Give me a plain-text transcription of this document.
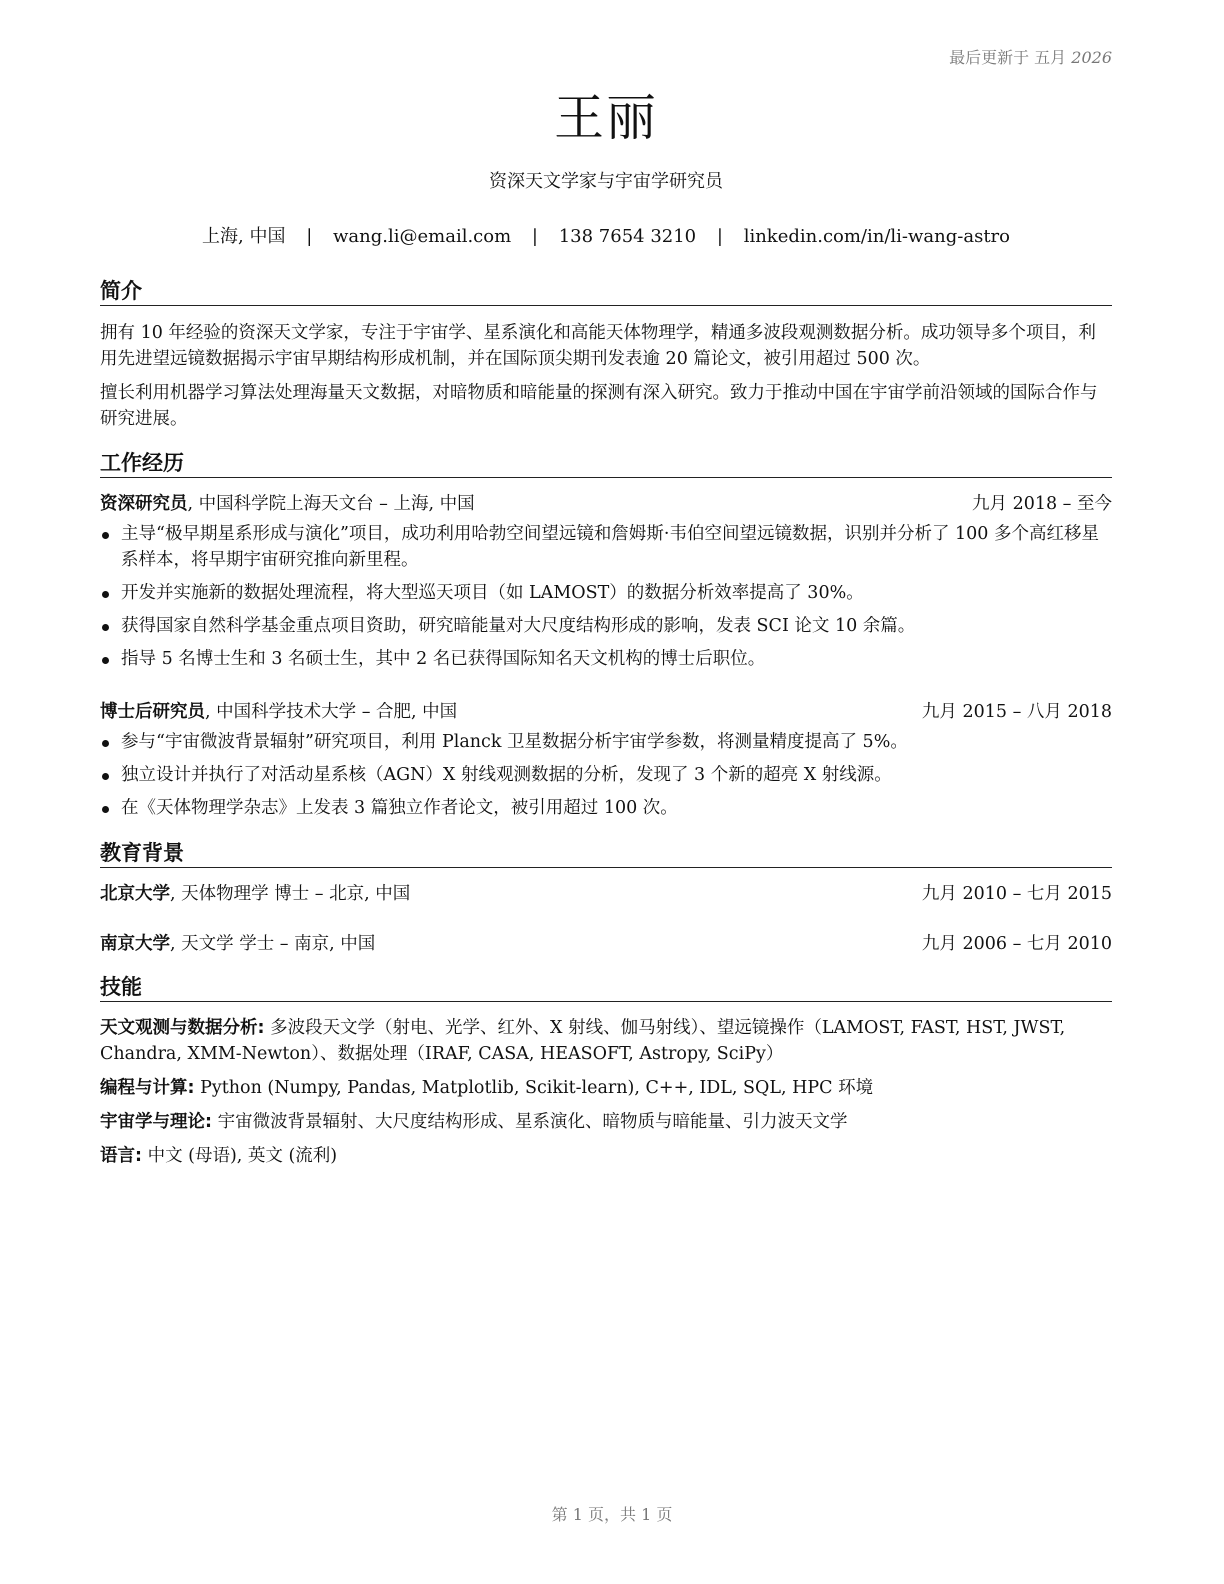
最后更新于 五月 2026
王丽
资深天文学家与宇宙学研究员
上海, 中国 | wang.li@email.com | 138 7654 3210 | linkedin.com/in/li-wang-astro
简介

拥有 10 年经验的资深天文学家，专注于宇宙学、星系演化和高能天体物理学，精通多波段观测数据分析。成功领导多个项目，利用先进望远镜数据揭示宇宙早期结构形成机制，并在国际顶尖期刊发表逾 20 篇论文，被引用超过 500 次。

擅长利用机器学习算法处理海量天文数据，对暗物质和暗能量的探测有深入研究。致力于推动中国在宇宙学前沿领域的国际合作与研究进展。

工作经历
资深研究员, 中国科学院上海天文台 – 上海, 中国	九月 2018 – 至今
主导“极早期星系形成与演化”项目，成功利用哈勃空间望远镜和詹姆斯·韦伯空间望远镜数据，识别并分析了 100 多个高红移星系样本，将早期宇宙研究推向新里程。
开发并实施新的数据处理流程，将大型巡天项目（如 LAMOST）的数据分析效率提高了 30%。
获得国家自然科学基金重点项目资助，研究暗能量对大尺度结构形成的影响，发表 SCI 论文 10 余篇。
指导 5 名博士生和 3 名硕士生，其中 2 名已获得国际知名天文机构的博士后职位。
博士后研究员, 中国科学技术大学 – 合肥, 中国	九月 2015 – 八月 2018
参与“宇宙微波背景辐射”研究项目，利用 Planck 卫星数据分析宇宙学参数，将测量精度提高了 5%。
独立设计并执行了对活动星系核（AGN）X 射线观测数据的分析，发现了 3 个新的超亮 X 射线源。
在《天体物理学杂志》上发表 3 篇独立作者论文，被引用超过 100 次。
教育背景
北京大学, 天体物理学 博士 – 北京, 中国	九月 2010 – 七月 2015
南京大学, 天文学 学士 – 南京, 中国	九月 2006 – 七月 2010
技能
天文观测与数据分析: 多波段天文学（射电、光学、红外、X 射线、伽马射线）、望远镜操作（LAMOST, FAST, HST, JWST, Chandra, XMM-Newton）、数据处理（IRAF, CASA, HEASOFT, Astropy, SciPy）
编程与计算: Python (Numpy, Pandas, Matplotlib, Scikit-learn), C++, IDL, SQL, HPC 环境
宇宙学与理论: 宇宙微波背景辐射、大尺度结构形成、星系演化、暗物质与暗能量、引力波天文学
语言: 中文 (母语), 英文 (流利)
第 1 页，共 1 页
